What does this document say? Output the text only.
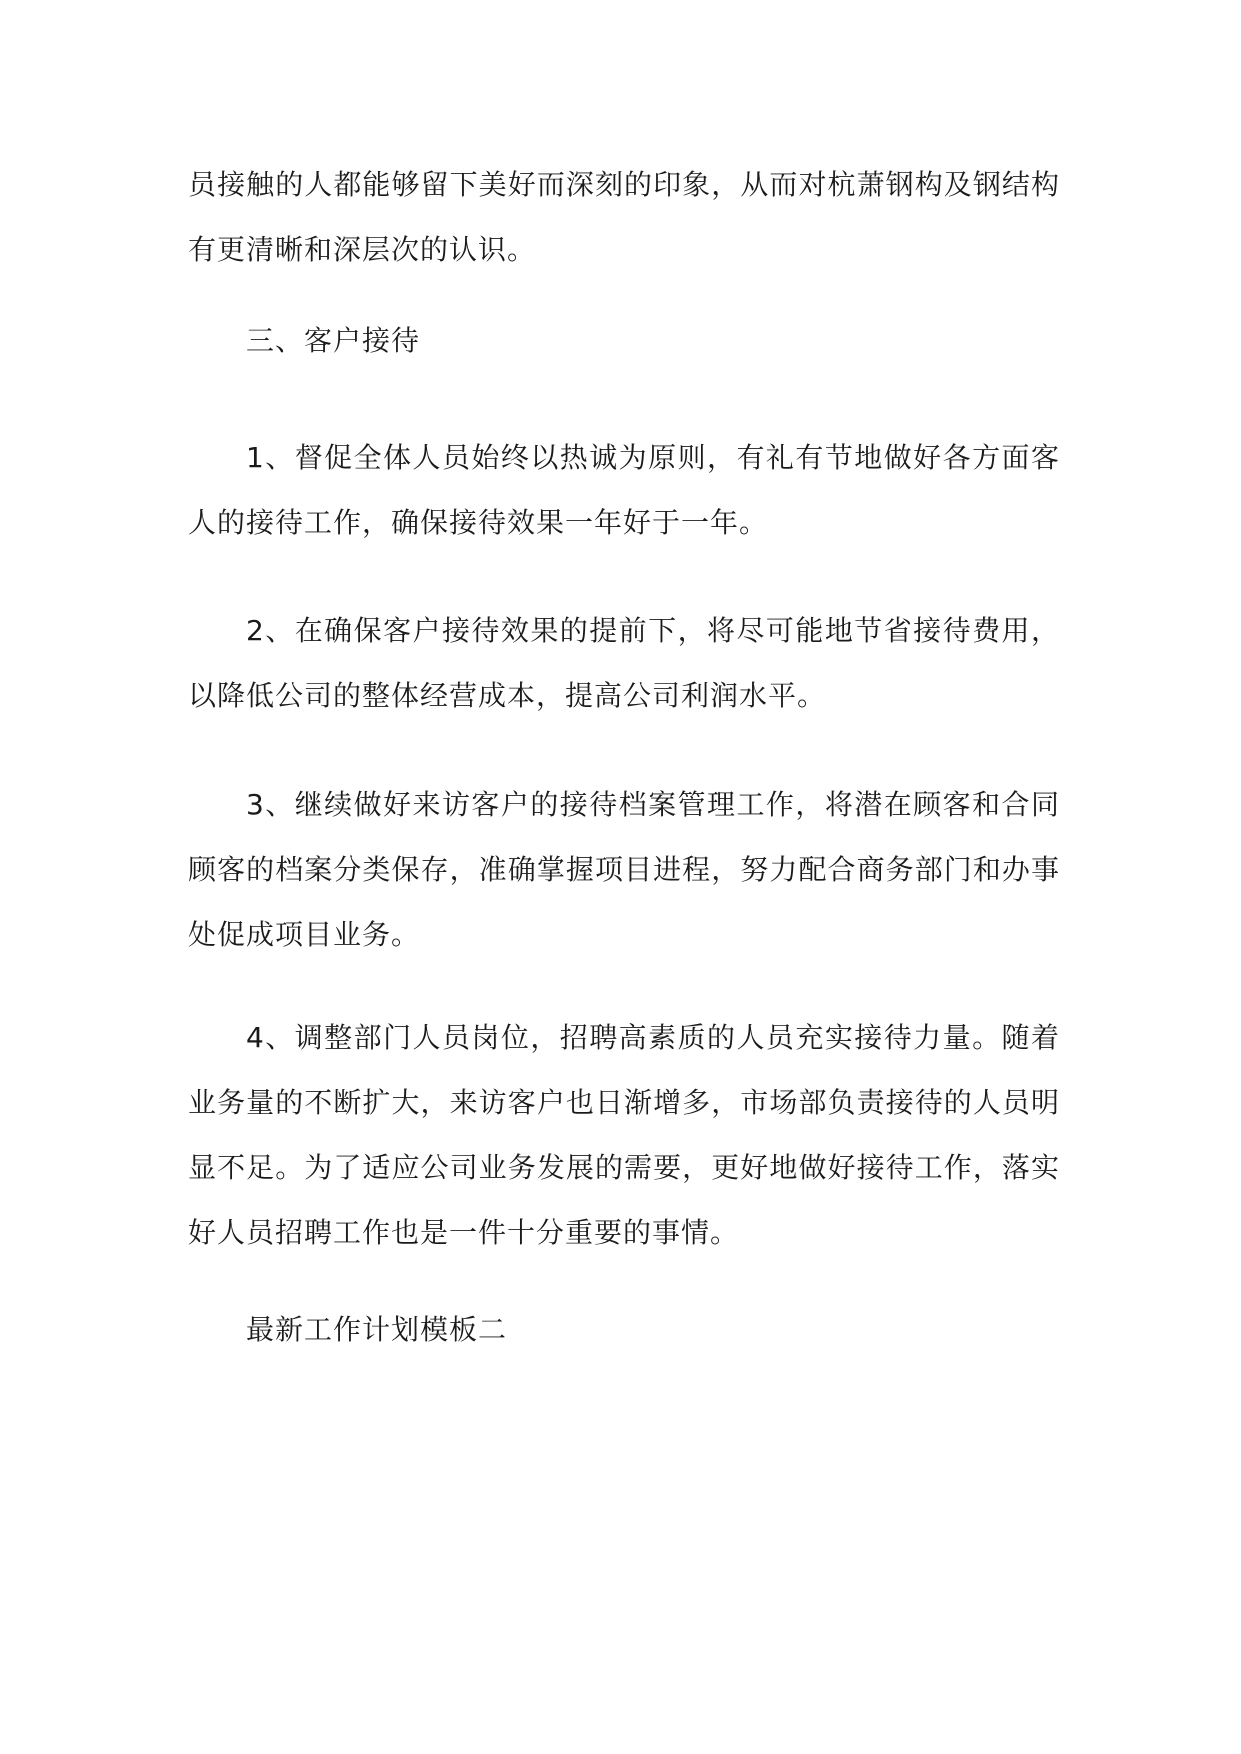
员接触的人都能够留下美好而深刻的印象，从而对杭萧钢构及钢结构有更清晰和深层次的认识。

三、客户接待

1、督促全体人员始终以热诚为原则，有礼有节地做好各方面客人的接待工作，确保接待效果一年好于一年。

2、在确保客户接待效果的提前下，将尽可能地节省接待费用，以降低公司的整体经营成本，提高公司利润水平。

3、继续做好来访客户的接待档案管理工作，将潜在顾客和合同顾客的档案分类保存，准确掌握项目进程，努力配合商务部门和办事处促成项目业务。

4、调整部门人员岗位，招聘高素质的人员充实接待力量。随着业务量的不断扩大，来访客户也日渐增多，市场部负责接待的人员明显不足。为了适应公司业务发展的需要，更好地做好接待工作，落实好人员招聘工作也是一件十分重要的事情。

最新工作计划模板二
